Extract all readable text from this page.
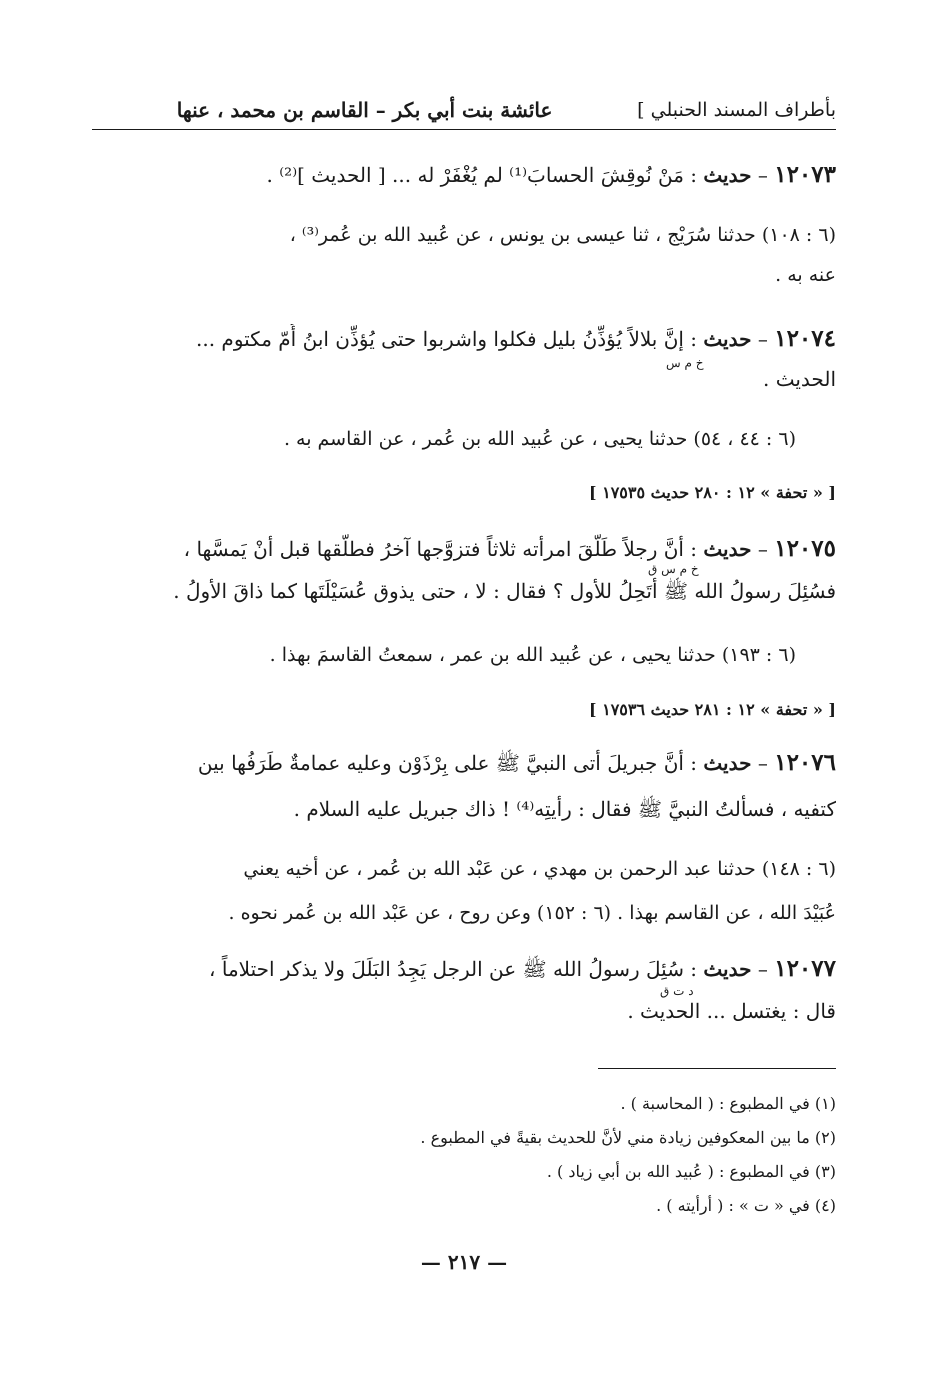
بأطراف المسند الحنبلي ]
عائشة بنت أبي بكر – القاسم بن محمد ، عنها
١٢٠٧٣ – حديث : مَنْ نُوقِشَ الحسابَ⁽¹⁾ لم يُغْفَرْ له ... [ الحديث ]⁽²⁾ .
(٦ : ١٠٨) حدثنا سُرَيْج ، ثنا عيسى بن يونس ، عن عُبيد الله بن عُمر⁽³⁾ ،
عنه به .
١٢٠٧٤ – حديث : إنَّ بلالاً يُؤذِّنُ بليل فكلوا واشربوا حتى يُؤذِّن ابنُ أُمّ مكتوم ...
خ م س
الحديث .
(٦ : ٤٤ ، ٥٤) حدثنا يحيى ، عن عُبيد الله بن عُمر ، عن القاسم به .
[ « تحفة » ١٢ : ٢٨٠ حديث ١٧٥٣٥ ]
١٢٠٧٥ – حديث : أنَّ رجلاً طَلَّقَ امرأته ثلاثاً فتزوَّجها آخرُ فطلّقها قبل أنْ يَمسَّها ،
خ م س ق
فسُئِلَ رسولُ الله ﷺ أتَحِلُ للأول ؟ فقال : لا ، حتى يذوق عُسَيْلَتَها كما ذاقَ الأولُ .
(٦ : ١٩٣) حدثنا يحيى ، عن عُبيد الله بن عمر ، سمعتُ القاسمَ بهذا .
[ « تحفة » ١٢ : ٢٨١ حديث ١٧٥٣٦ ]
١٢٠٧٦ – حديث : أنَّ جبريلَ أتى النبيَّ ﷺ على بِرْذَوْن وعليه عمامةٌ طَرَفُها بين
كتفيه ، فسألتُ النبيَّ ﷺ فقال : رأيتِه⁽⁴⁾ ! ذاك جبريل عليه السلام .
(٦ : ١٤٨) حدثنا عبد الرحمن بن مهدي ، عن عَبْد الله بن عُمر ، عن أخيه يعني
عُبَيْدَ الله ، عن القاسم بهذا . (٦ : ١٥٢) وعن روح ، عن عَبْد الله بن عُمر نحوه .
١٢٠٧٧ – حديث : سُئِلَ رسولُ الله ﷺ عن الرجل يَجِدُ البَلَلَ ولا يذكر احتلاماً ،
د ت ق
قال : يغتسل ... الحديث .
(١) في المطبوع : ( المحاسبة ) .
(٢) ما بين المعكوفين زيادة مني لأنَّ للحديث بقيةً في المطبوع .
(٣) في المطبوع : ( عُبيد الله بن أبي زياد ) .
(٤) في « ت » : ( أرأيته ) .
— ٢١٧ —
